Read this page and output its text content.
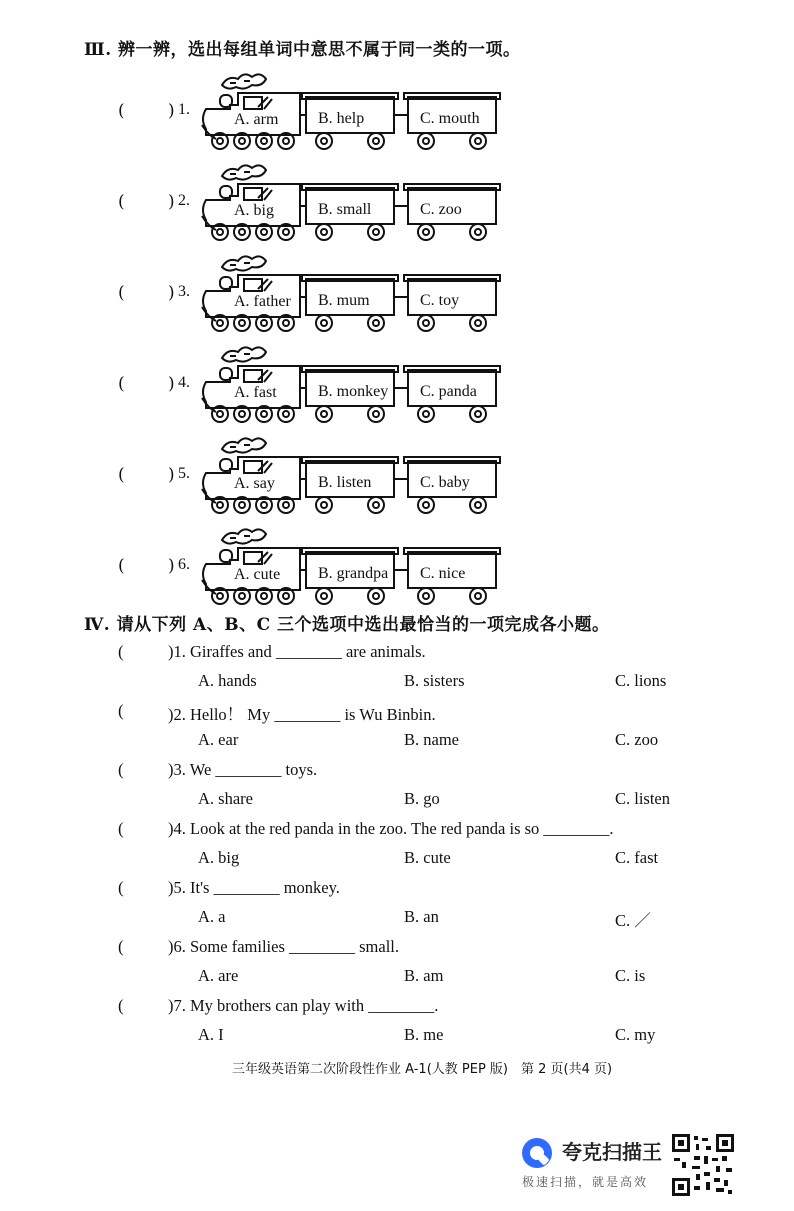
Ⅲ. 辨一辨，选出每组单词中意思不属于同一类的一项。
(	) 1.
A. arm B. help	C. mouth
(	) 2.
A. big	B. small	C. zoo
(	) 3.
A. father B. mum	C. toy
(	) 4.
A. fast	B. monkey C. panda
(	) 5.
A. say	B. listen	C. baby
(	) 6.
A. cute B. grandpa C. nice
Ⅳ. 请从下列 A、B、C 三个选项中选出最恰当的一项完成各小题。
(	)1. Giraffes and ________ are animals.
A. hands	B. sisters	C. lions
(	)2. Hello！ My ________ is Wu Binbin.
A. ear	B. name	C. zoo
(	)3. We ________ toys.
A. share	B. go	C. listen
(	)4. Look at the red panda in the zoo. The red panda is so ________.
A. big	B. cute	C. fast
(	)5. It's ________ monkey.
A. a	B. an	C. ／
(	)6. Some families ________ small.
A. are	B. am	C. is
(	)7. My brothers can play with ________.
A. I	B. me	C. my
三年级英语第二次阶段性作业 A-1(人教 PEP 版)　第 2 页(共4 页)
夸克扫描王
极速扫描，就是高效
